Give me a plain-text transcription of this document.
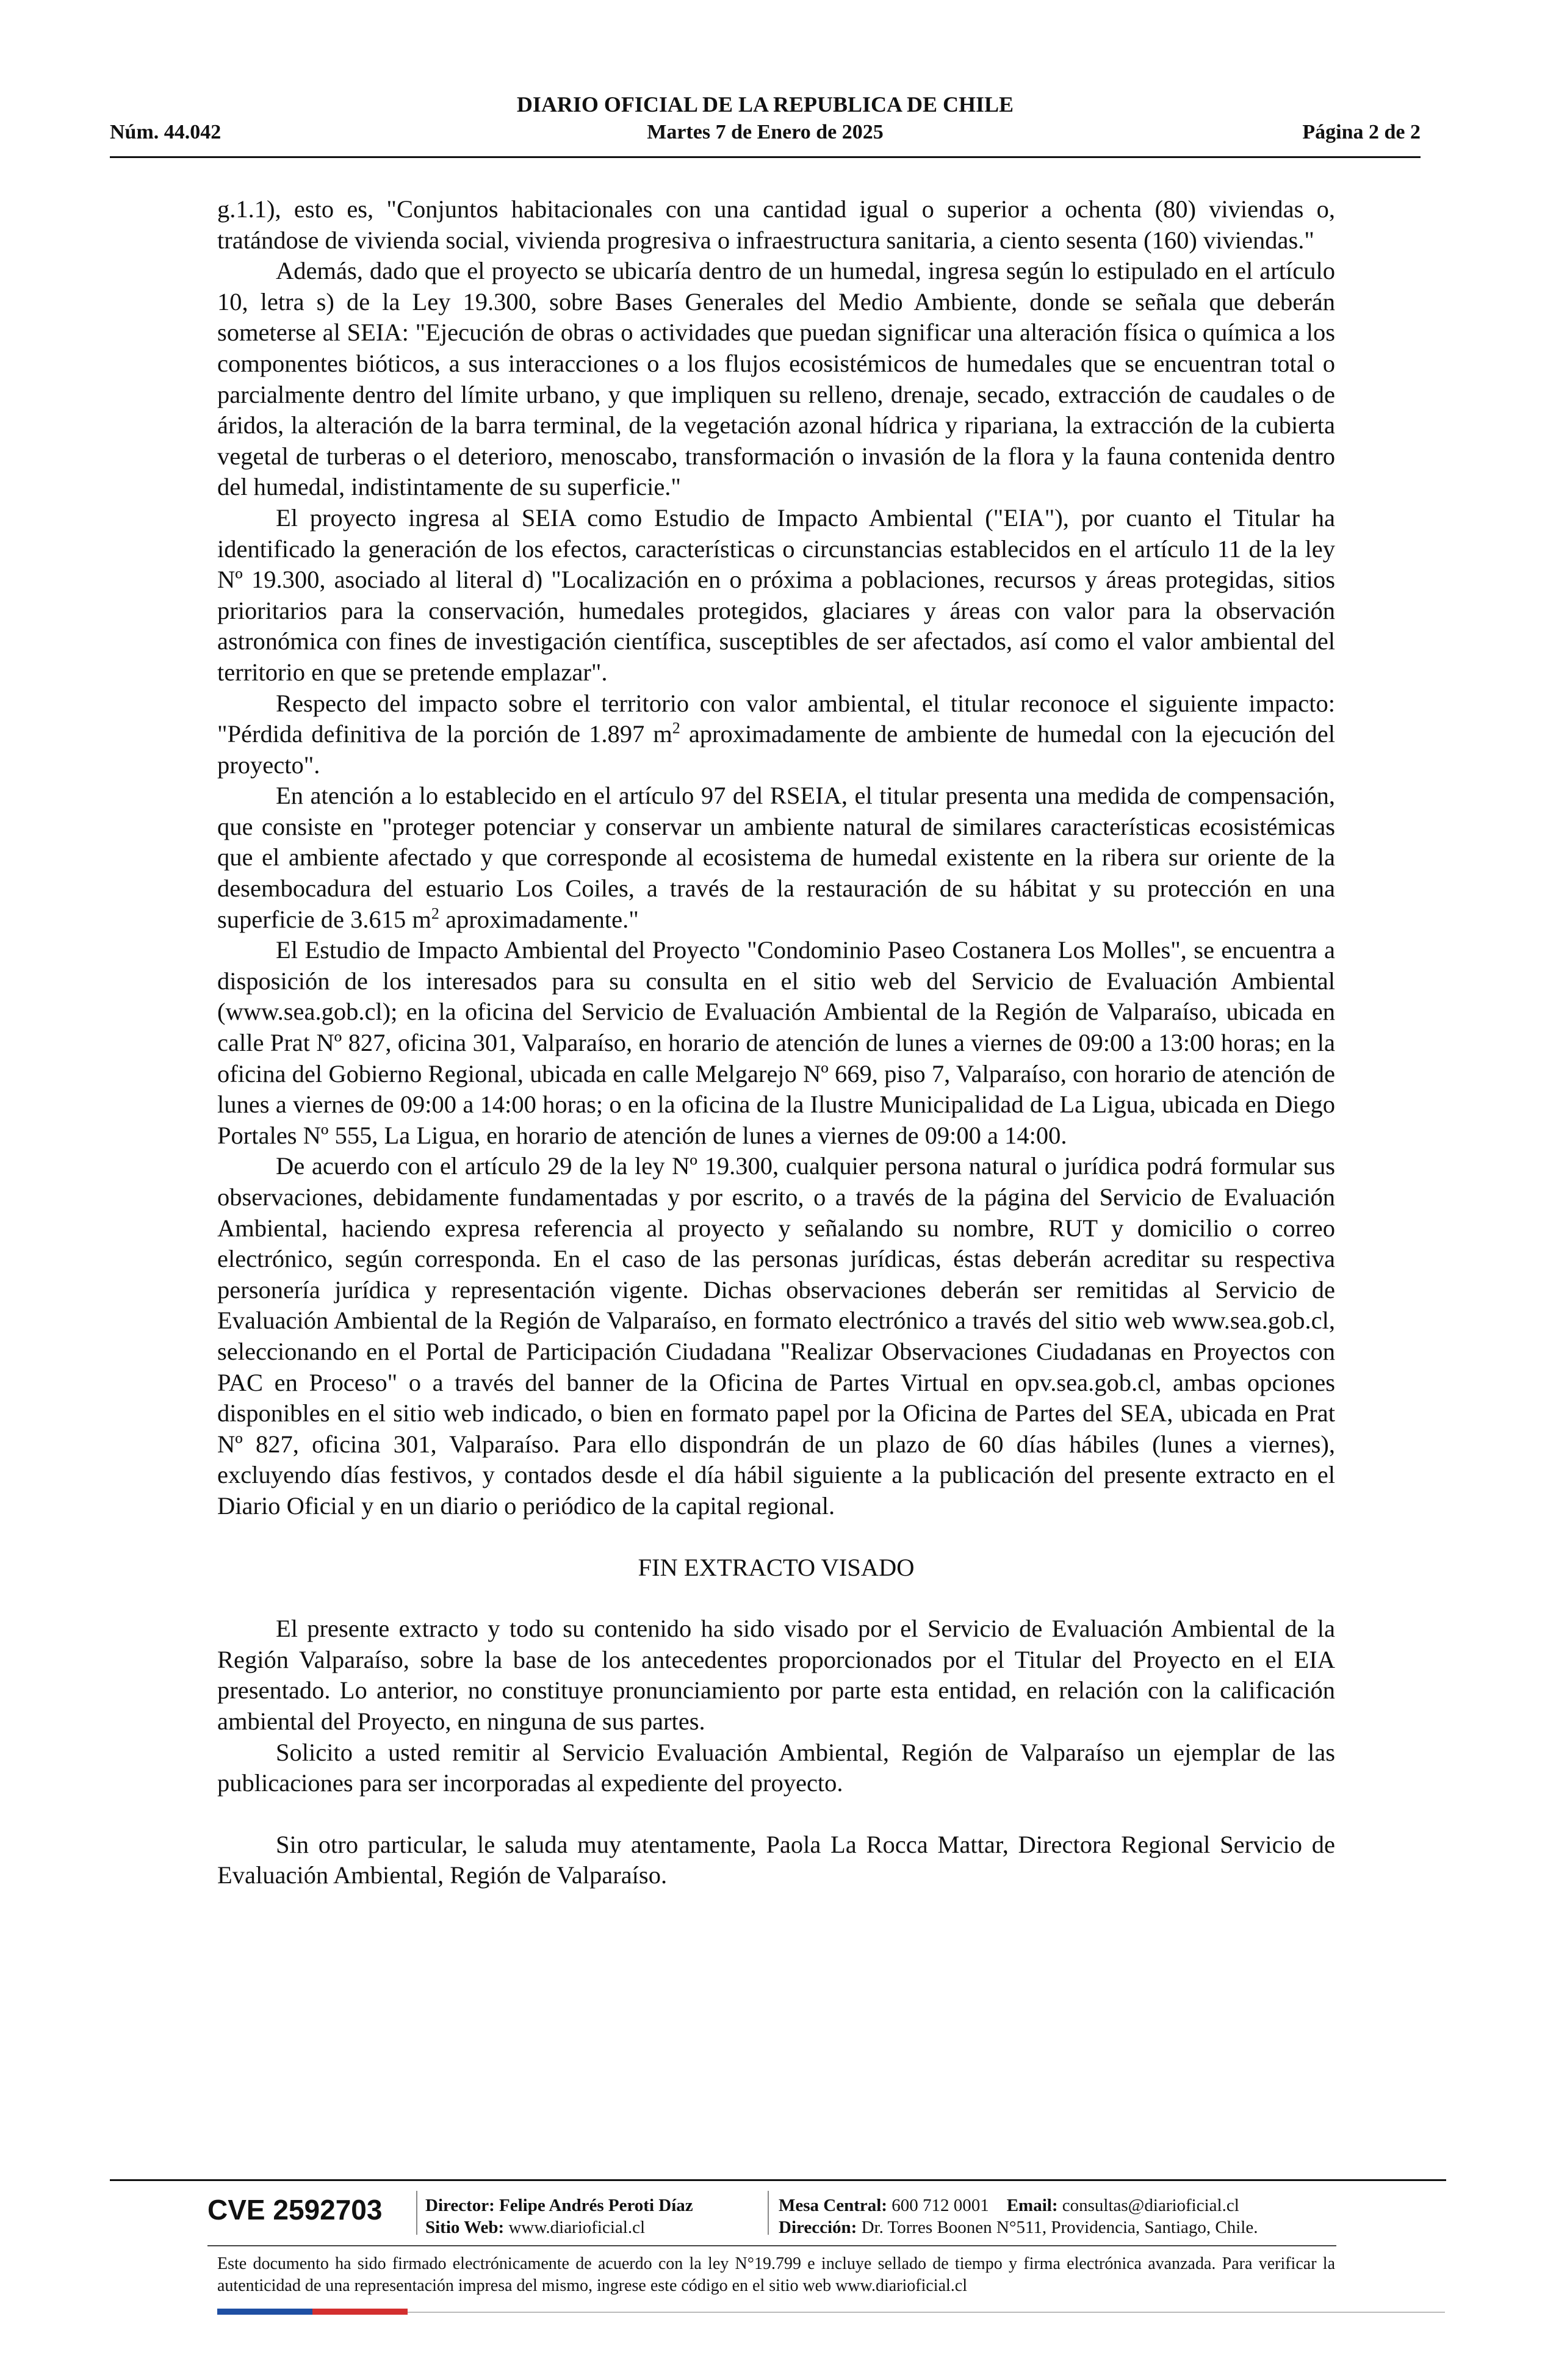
DIARIO OFICIAL DE LA REPUBLICA DE CHILE
Núm. 44.042	Martes 7 de Enero de 2025	Página 2 de 2

g.1.1), esto es, "Conjuntos habitacionales con una cantidad igual o superior a ochenta (80) viviendas o, tratándose de vivienda social, vivienda progresiva o infraestructura sanitaria, a ciento sesenta (160) viviendas."

Además, dado que el proyecto se ubicaría dentro de un humedal, ingresa según lo estipulado en el artículo 10, letra s) de la Ley 19.300, sobre Bases Generales del Medio Ambiente, donde se señala que deberán someterse al SEIA: "Ejecución de obras o actividades que puedan significar una alteración física o química a los componentes bióticos, a sus interacciones o a los flujos ecosistémicos de humedales que se encuentran total o parcialmente dentro del límite urbano, y que impliquen su relleno, drenaje, secado, extracción de caudales o de áridos, la alteración de la barra terminal, de la vegetación azonal hídrica y ripariana, la extracción de la cubierta vegetal de turberas o el deterioro, menoscabo, transformación o invasión de la flora y la fauna contenida dentro del humedal, indistintamente de su superficie."

El proyecto ingresa al SEIA como Estudio de Impacto Ambiental ("EIA"), por cuanto el Titular ha identificado la generación de los efectos, características o circunstancias establecidos en el artículo 11 de la ley Nº 19.300, asociado al literal d) "Localización en o próxima a poblaciones, recursos y áreas protegidas, sitios prioritarios para la conservación, humedales protegidos, glaciares y áreas con valor para la observación astronómica con fines de investigación científica, susceptibles de ser afectados, así como el valor ambiental del territorio en que se pretende emplazar".

Respecto del impacto sobre el territorio con valor ambiental, el titular reconoce el siguiente impacto: "Pérdida definitiva de la porción de 1.897 $m^2$ aproximadamente de ambiente de humedal con la ejecución del proyecto".

En atención a lo establecido en el artículo 97 del RSEIA, el titular presenta una medida de compensación, que consiste en "proteger potenciar y conservar un ambiente natural de similares características ecosistémicas que el ambiente afectado y que corresponde al ecosistema de humedal existente en la ribera sur oriente de la desembocadura del estuario Los Coiles, a través de la restauración de su hábitat y su protección en una superficie de 3.615 $m^2$ aproximadamente."

El Estudio de Impacto Ambiental del Proyecto "Condominio Paseo Costanera Los Molles", se encuentra a disposición de los interesados para su consulta en el sitio web del Servicio de Evaluación Ambiental (www.sea.gob.cl); en la oficina del Servicio de Evaluación Ambiental de la Región de Valparaíso, ubicada en calle Prat Nº 827, oficina 301, Valparaíso, en horario de atención de lunes a viernes de 09:00 a 13:00 horas; en la oficina del Gobierno Regional, ubicada en calle Melgarejo Nº 669, piso 7, Valparaíso, con horario de atención de lunes a viernes de 09:00 a 14:00 horas; o en la oficina de la Ilustre Municipalidad de La Ligua, ubicada en Diego Portales Nº 555, La Ligua, en horario de atención de lunes a viernes de 09:00 a 14:00.

De acuerdo con el artículo 29 de la ley Nº 19.300, cualquier persona natural o jurídica podrá formular sus observaciones, debidamente fundamentadas y por escrito, o a través de la página del Servicio de Evaluación Ambiental, haciendo expresa referencia al proyecto y señalando su nombre, RUT y domicilio o correo electrónico, según corresponda. En el caso de las personas jurídicas, éstas deberán acreditar su respectiva personería jurídica y representación vigente. Dichas observaciones deberán ser remitidas al Servicio de Evaluación Ambiental de la Región de Valparaíso, en formato electrónico a través del sitio web www.sea.gob.cl, seleccionando en el Portal de Participación Ciudadana "Realizar Observaciones Ciudadanas en Proyectos con PAC en Proceso" o a través del banner de la Oficina de Partes Virtual en opv.sea.gob.cl, ambas opciones disponibles en el sitio web indicado, o bien en formato papel por la Oficina de Partes del SEA, ubicada en Prat Nº 827, oficina 301, Valparaíso. Para ello dispondrán de un plazo de 60 días hábiles (lunes a viernes), excluyendo días festivos, y contados desde el día hábil siguiente a la publicación del presente extracto en el Diario Oficial y en un diario o periódico de la capital regional.

FIN EXTRACTO VISADO

El presente extracto y todo su contenido ha sido visado por el Servicio de Evaluación Ambiental de la Región Valparaíso, sobre la base de los antecedentes proporcionados por el Titular del Proyecto en el EIA presentado. Lo anterior, no constituye pronunciamiento por parte esta entidad, en relación con la calificación ambiental del Proyecto, en ninguna de sus partes.

Solicito a usted remitir al Servicio Evaluación Ambiental, Región de Valparaíso un ejemplar de las publicaciones para ser incorporadas al expediente del proyecto.

Sin otro particular, le saluda muy atentamente, Paola La Rocca Mattar, Directora Regional Servicio de Evaluación Ambiental, Región de Valparaíso.

CVE 2592703 Director: Felipe Andrés Peroti Díaz
Sitio Web: www.diarioficial.cl
Mesa Central: 600 712 0001 Email: consultas@diarioficial.cl
Dirección: Dr. Torres Boonen N°511, Providencia, Santiago, Chile.
Este documento ha sido firmado electrónicamente de acuerdo con la ley N°19.799 e incluye sellado de tiempo y firma electrónica avanzada. Para verificar la autenticidad de una representación impresa del mismo, ingrese este código en el sitio web www.diarioficial.cl
